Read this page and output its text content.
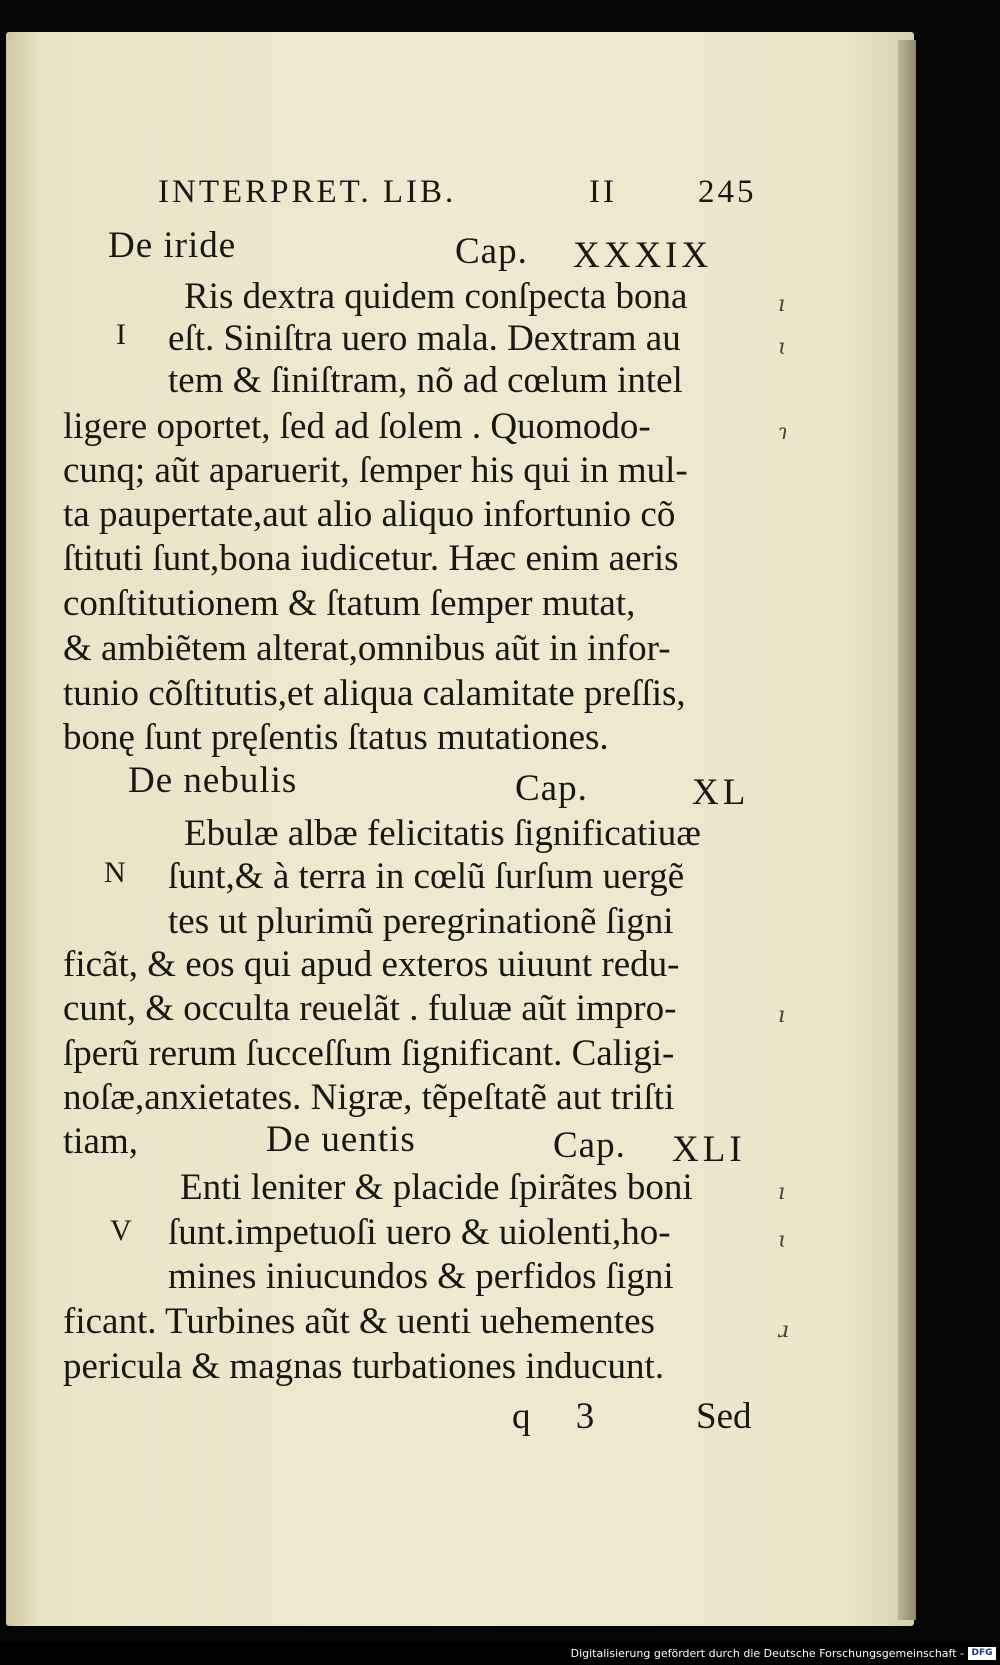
INTERPRET. LIB.	II 245
De iride	Cap. XXXIX
I
Ris dextra quidem conſpecta bona
eſt. Siniſtra uero mala. Dextram au
tem & ſiniſtram, nõ ad cœlum intel
ligere oportet, ſed ad ſolem . Quomodo-
cunq; aũt aparuerit, ſemper his qui in mul-
ta paupertate,aut alio aliquo infortunio cõ
ſtituti ſunt,bona iudicetur. Hæc enim aeris
conſtitutionem & ſtatum ſemper mutat,
& ambiẽtem alterat,omnibus aũt in infor-
tunio cõſtitutis,et aliqua calamitate preſſis,
bonę ſunt pręſentis ſtatus mutationes.
De nebulis	Cap.	XL
N
Ebulæ albæ felicitatis ſignificatiuæ
ſunt,& à terra in cœlũ ſurſum uergẽ
tes ut plurimũ peregrinationẽ ſigni
ficãt, & eos qui apud exteros uiuunt redu-
cunt, & occulta reuelãt . fuluæ aũt impro-
ſperũ rerum ſucceſſum ſignificant. Caligi-
noſæ,anxietates. Nigræ, tẽpeſtatẽ aut triſti
tiam,	De uentis	Cap. XLI
V
Enti leniter & placide ſpirãtes boni
ſunt.impetuoſi uero & uiolenti,ho-
mines iniucundos & perfidos ſigni
ficant. Turbines aũt & uenti uehementes
pericula & magnas turbationes inducunt.
q 3 Sed
ı
ɩ
ɿ
ı
ı
ɩ
ɹ
Digitalisierung gefördert durch die Deutsche Forschungsgemeinschaft - DFG
